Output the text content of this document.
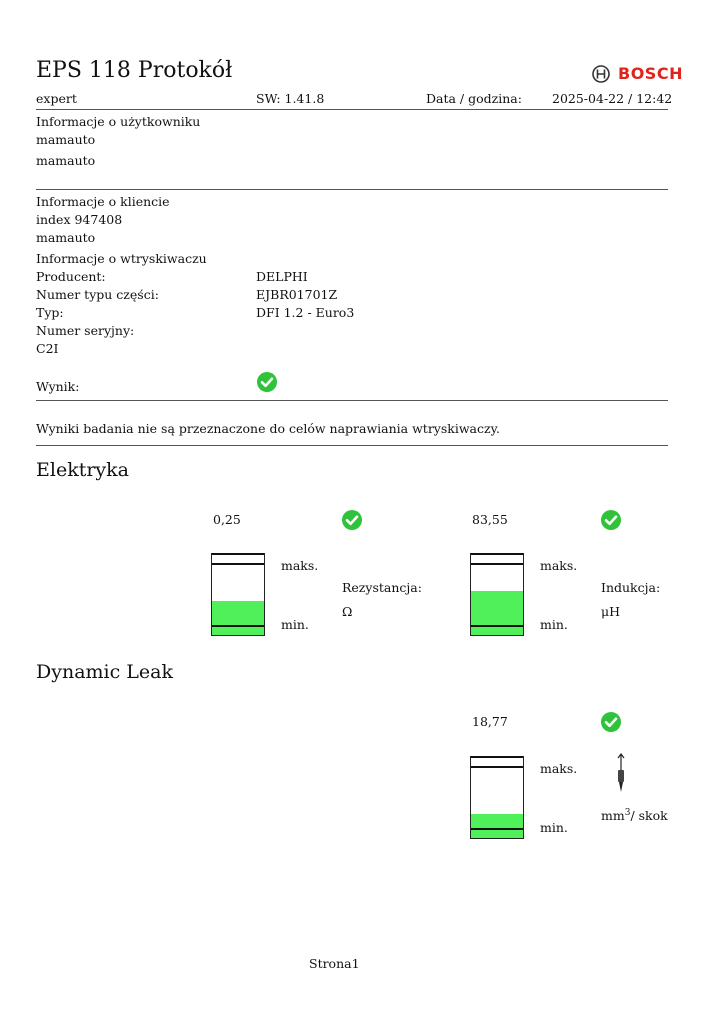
EPS 118 Protokół	BOSCH
expert	SW: 1.41.8	Data / godzina: 2025-04-22 / 12:42
Informacje o użytkowniku
mamauto
mamauto
Informacje o kliencie
index 947408
mamauto
Informacje o wtryskiwaczu
Producent:	DELPHI
Numer typu części:	EJBR01701Z
Typ:	DFI 1.2 - Euro3
Numer seryjny:
C2I
Wynik:
Wyniki badania nie są przeznaczone do celów naprawiania wtryskiwaczy.
Elektryka
0,25
maks.
min.
Rezystancja:
Ω
83,55
maks.
min.
Indukcja:
μH
Dynamic Leak
18,77
maks.
min.
$mm^3/$ skok
Strona1
